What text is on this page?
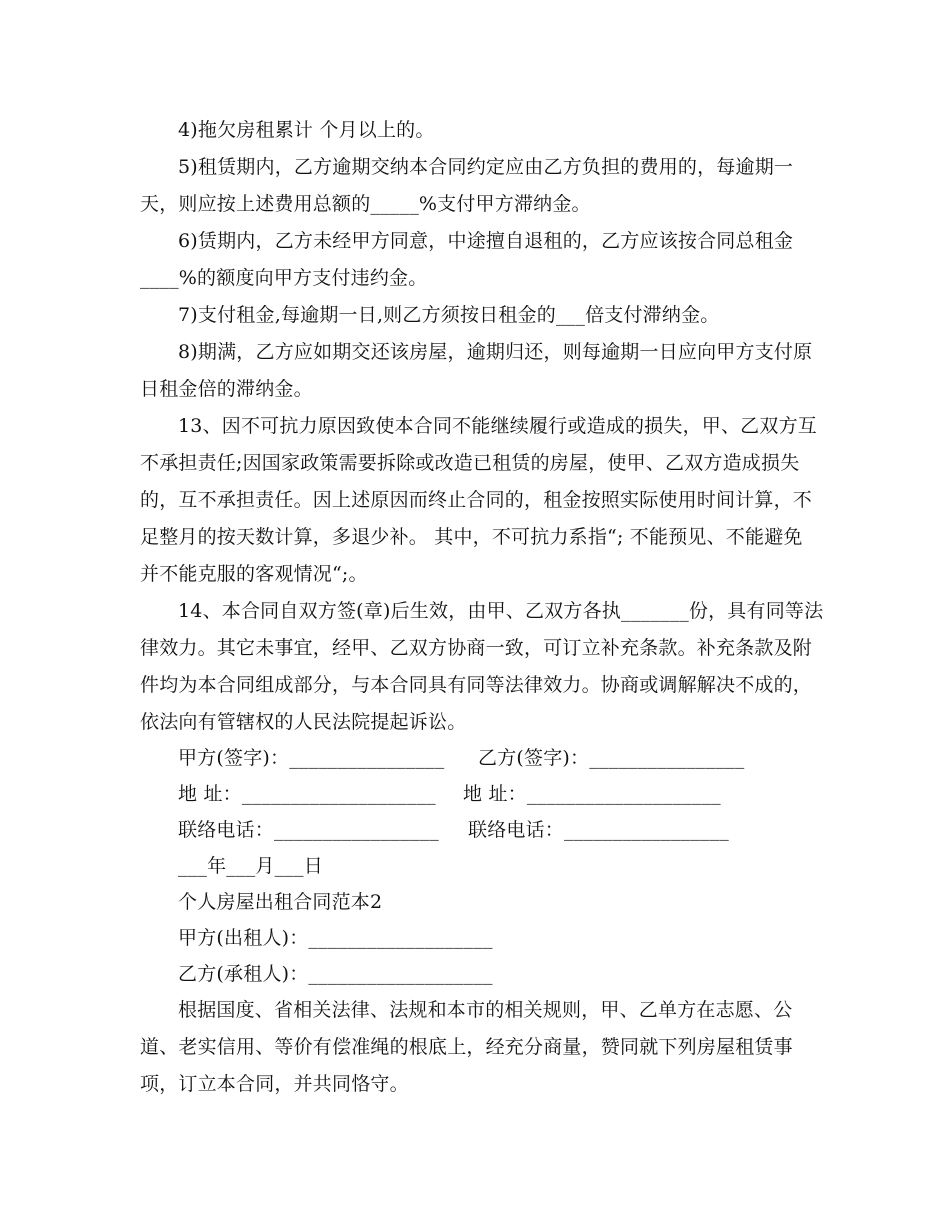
4)拖欠房租累计 个月以上的。
5)租赁期内，乙方逾期交纳本合同约定应由乙方负担的费用的，每逾期一
天，则应按上述费用总额的_____%支付甲方滞纳金。
6)赁期内，乙方未经甲方同意，中途擅自退租的，乙方应该按合同总租金
____%的额度向甲方支付违约金。
7)支付租金,每逾期一日,则乙方须按日租金的___倍支付滞纳金。
8)期满，乙方应如期交还该房屋，逾期归还，则每逾期一日应向甲方支付原
日租金倍的滞纳金。
13、因不可抗力原因致使本合同不能继续履行或造成的损失，甲、乙双方互
不承担责任;因国家政策需要拆除或改造已租赁的房屋，使甲、乙双方造成损失
的，互不承担责任。因上述原因而终止合同的，租金按照实际使用时间计算，不
足整月的按天数计算，多退少补。 其中，不可抗力系指“; 不能预见、不能避免
并不能克服的客观情况“;。
14、本合同自双方签(章)后生效，由甲、乙双方各执_______份，具有同等法
律效力。其它未事宜，经甲、乙双方协商一致，可订立补充条款。补充条款及附
件均为本合同组成部分，与本合同具有同等法律效力。协商或调解解决不成的，
依法向有管辖权的人民法院提起诉讼。
甲方(签字)：________________ 乙方(签字)：________________
地 址：____________________ 地 址：____________________
联络电话：_________________ 联络电话：_________________
___年___月___日
个人房屋出租合同范本2
甲方(出租人)：___________________
乙方(承租人)：___________________
根据国度、省相关法律、法规和本市的相关规则，甲、乙单方在志愿、公
道、老实信用、等价有偿准绳的根底上，经充分商量，赞同就下列房屋租赁事
项，订立本合同，并共同恪守。
